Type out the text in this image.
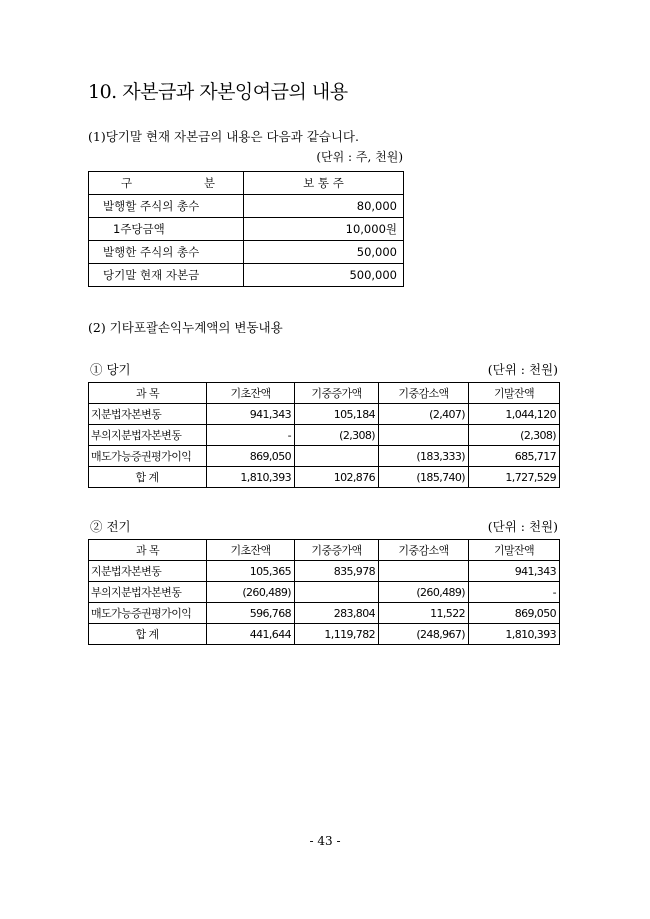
10. 자본금과 자본잉여금의 내용
(1)당기말 현재 자본금의 내용은 다음과 같습니다.
(단위 : 주, 천원)
구 분	보 통 주
발행할 주식의 총수	80,000
1주당금액	10,000원
발행한 주식의 총수	50,000
당기말 현재 자본금	500,000
(2) 기타포괄손익누계액의 변동내용
① 당기	(단위 : 천원)
과 목	기초잔액	기중증가액	기중감소액	기말잔액
지분법자본변동	941,343	105,184	(2,407)	1,044,120
부의지분법자본변동	-	(2,308)		(2,308)
매도가능증권평가이익	869,050		(183,333)	685,717
합 계	1,810,393	102,876	(185,740)	1,727,529
② 전기	(단위 : 천원)
과 목	기초잔액	기중증가액	기중감소액	기말잔액
지분법자본변동	105,365	835,978		941,343
부의지분법자본변동	(260,489)		(260,489)	-
매도가능증권평가이익	596,768	283,804	11,522	869,050
합 계	441,644	1,119,782	(248,967)	1,810,393
- 43 -
